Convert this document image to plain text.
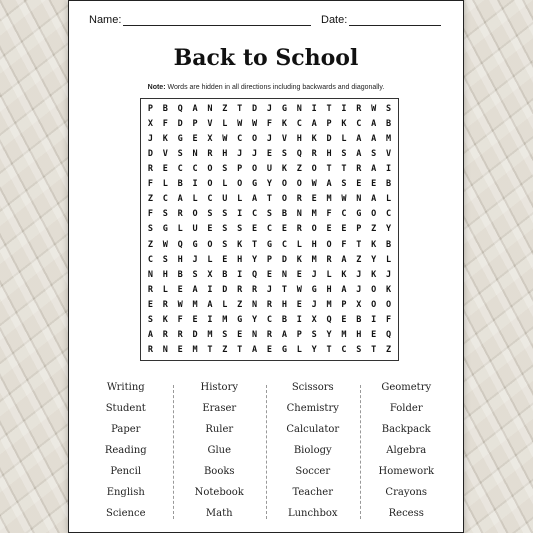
Name:	Date:
Back to School
Note: Words are hidden in all directions including backwards and diagonally.
P	B	Q	A	N	Z	T	D	J	G	N	I	T	I	R	W	S
X	F	D	P	V	L	W	W	F	K	C	A	P	K	C	A	B
J	K	G	E	X	W	C	O	J	V	H	K	D	L	A	A	M
D	V	S	N	R	H	J	J	E	S	Q	R	H	S	A	S	V
R	E	C	C	O	S	P	O	U	K	Z	O	T	T	R	A	I
F	L	B	I	O	L	O	G	Y	O	O	W	A	S	E	E	B
Z	C	A	L	C	U	L	A	T	O	R	E	M	W	N	A	L
F	S	R	O	S	S	I	C	S	B	N	M	F	C	G	O	C
S	G	L	U	E	S	S	E	C	E	R	O	E	E	P	Z	Y
Z	W	Q	G	O	S	K	T	G	C	L	H	O	F	T	K	B
C	S	H	J	L	E	H	Y	P	D	K	M	R	A	Z	Y	L
N	H	B	S	X	B	I	Q	E	N	E	J	L	K	J	K	J
R	L	E	A	I	D	R	R	J	T	W	G	H	A	J	O	K
E	R	W	M	A	L	Z	N	R	H	E	J	M	P	X	O	O
S	K	F	E	I	M	G	Y	C	B	I	X	Q	E	B	I	F
A	R	R	D	M	S	E	N	R	A	P	S	Y	M	H	E	Q
R	N	E	M	T	Z	T	A	E	G	L	Y	T	C	S	T	Z
Writing
Student
Paper
Reading
Pencil
English
Science
History
Eraser
Ruler
Glue
Books
Notebook
Math
Scissors
Chemistry
Calculator
Biology
Soccer
Teacher
Lunchbox
Geometry
Folder
Backpack
Algebra
Homework
Crayons
Recess
